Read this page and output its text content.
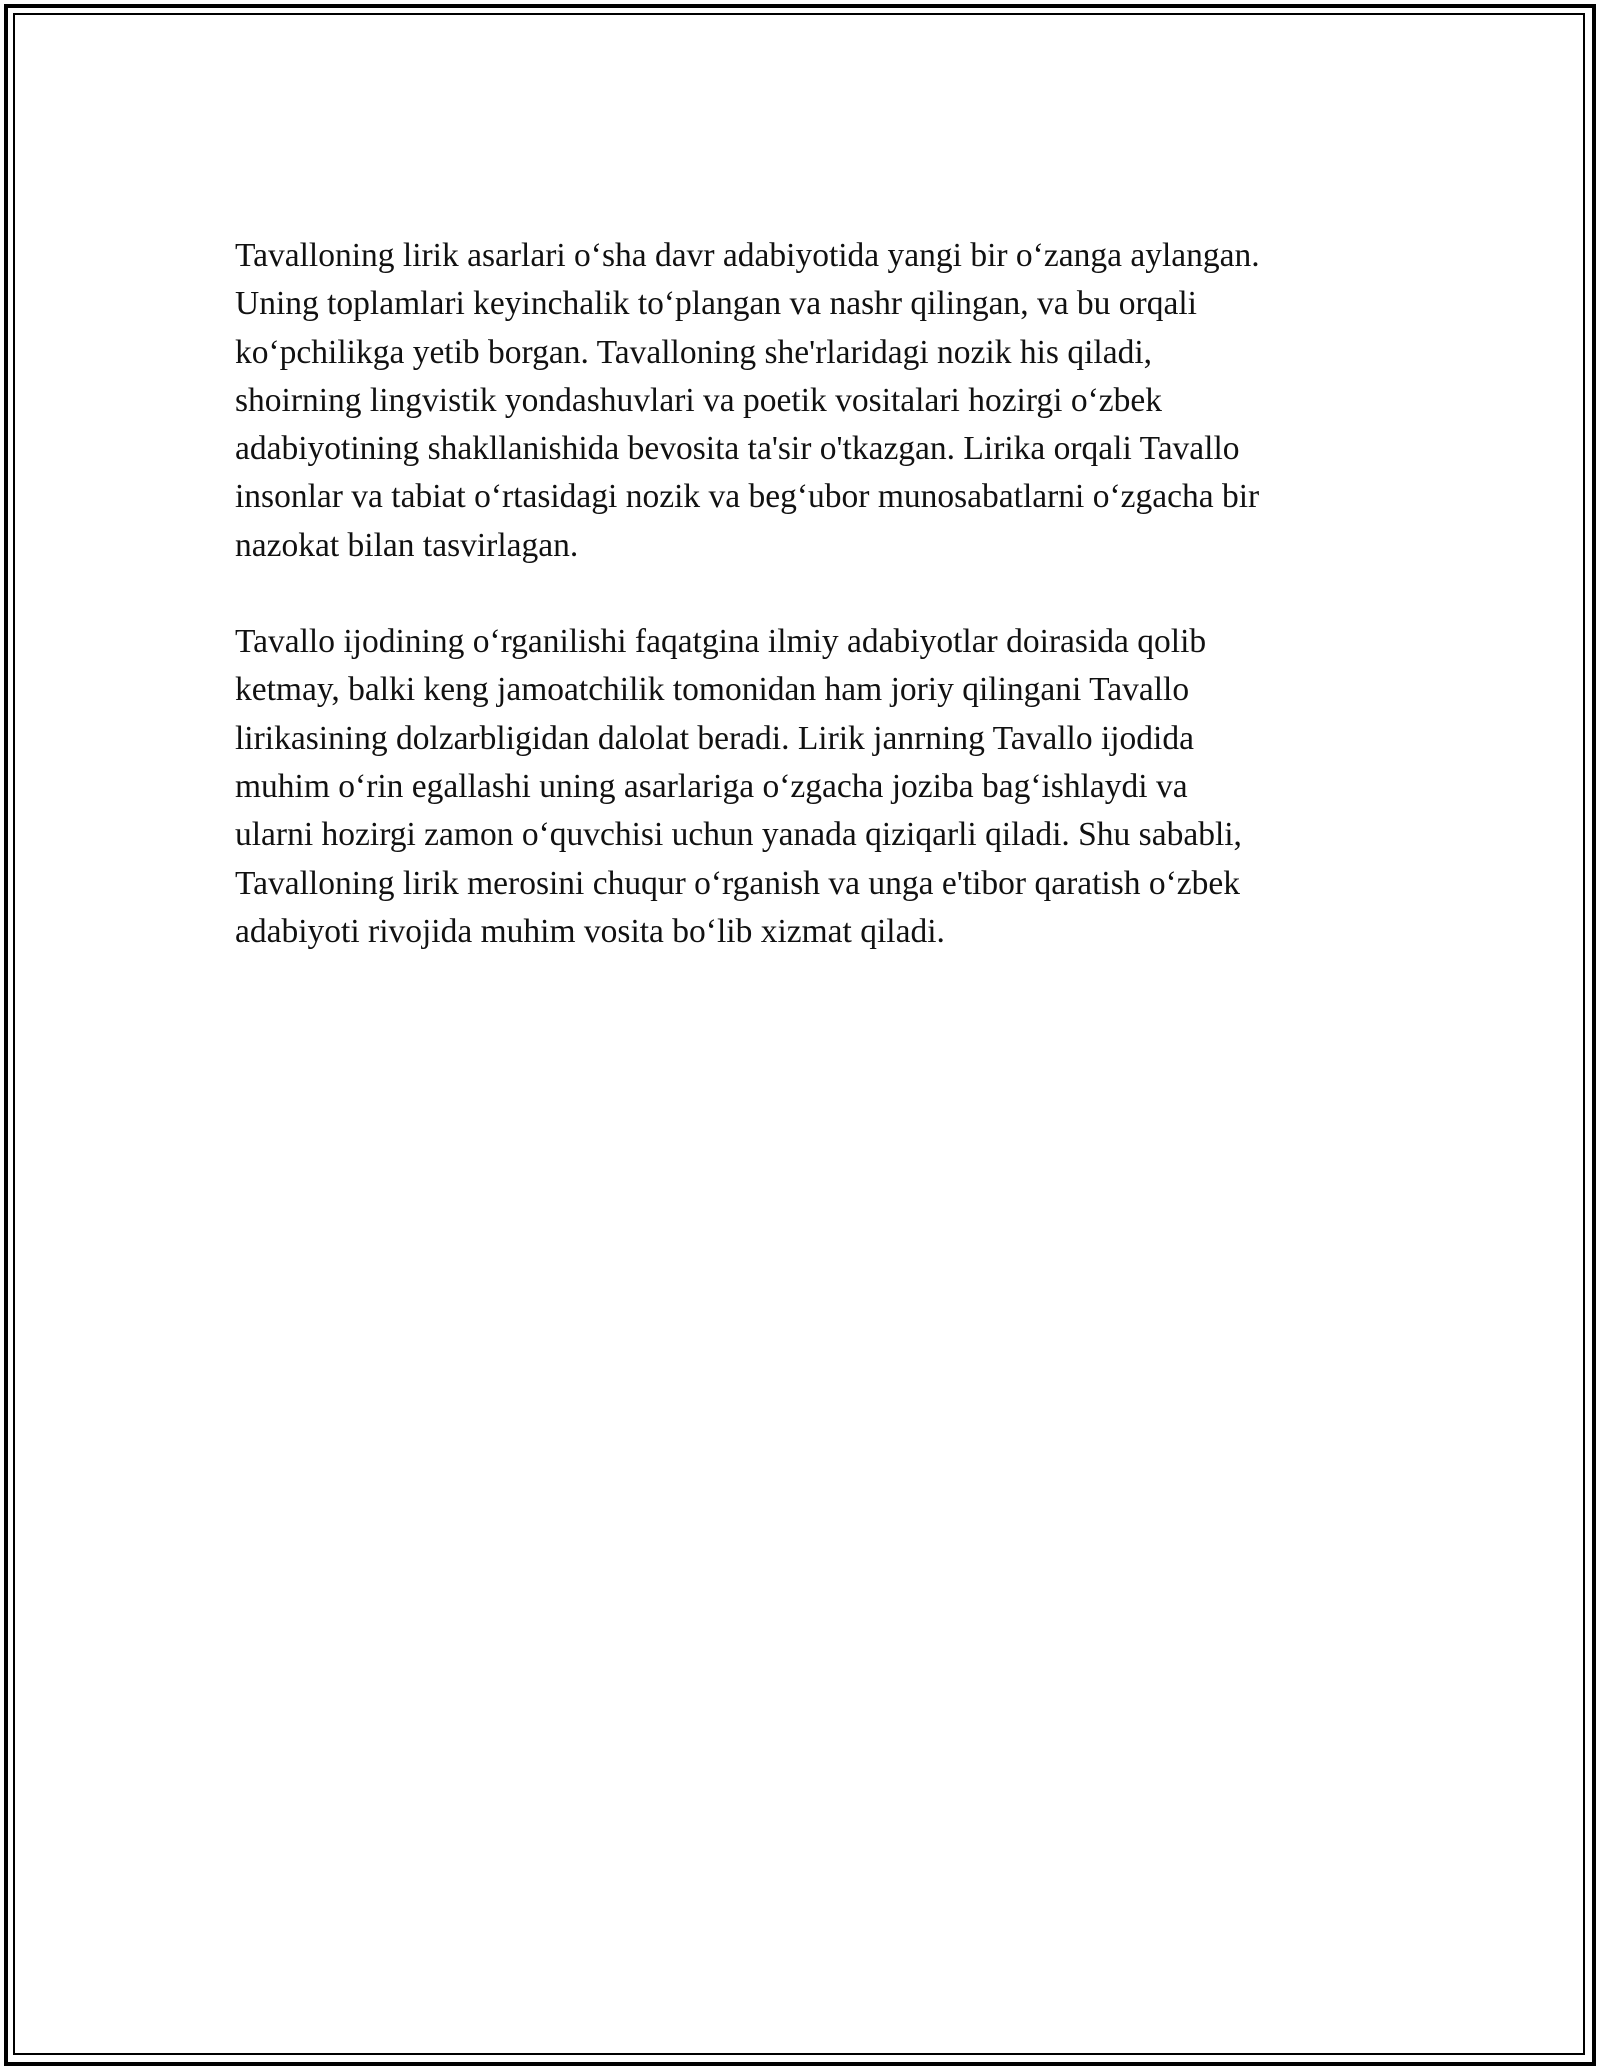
Tavalloning lirik asarlari o‘sha davr adabiyotida yangi bir o‘zanga aylangan.
Uning toplamlari keyinchalik to‘plangan va nashr qilingan, va bu orqali
ko‘pchilikga yetib borgan. Tavalloning she'rlaridagi nozik his qiladi,
shoirning lingvistik yondashuvlari va poetik vositalari hozirgi o‘zbek
adabiyotining shakllanishida bevosita ta'sir o'tkazgan. Lirika orqali Tavallo
insonlar va tabiat o‘rtasidagi nozik va beg‘ubor munosabatlarni o‘zgacha bir
nazokat bilan tasvirlagan.

Tavallo ijodining o‘rganilishi faqatgina ilmiy adabiyotlar doirasida qolib
ketmay, balki keng jamoatchilik tomonidan ham joriy qilingani Tavallo
lirikasining dolzarbligidan dalolat beradi. Lirik janrning Tavallo ijodida
muhim o‘rin egallashi uning asarlariga o‘zgacha joziba bag‘ishlaydi va
ularni hozirgi zamon o‘quvchisi uchun yanada qiziqarli qiladi. Shu sababli,
Tavalloning lirik merosini chuqur o‘rganish va unga e'tibor qaratish o‘zbek
adabiyoti rivojida muhim vosita bo‘lib xizmat qiladi.
